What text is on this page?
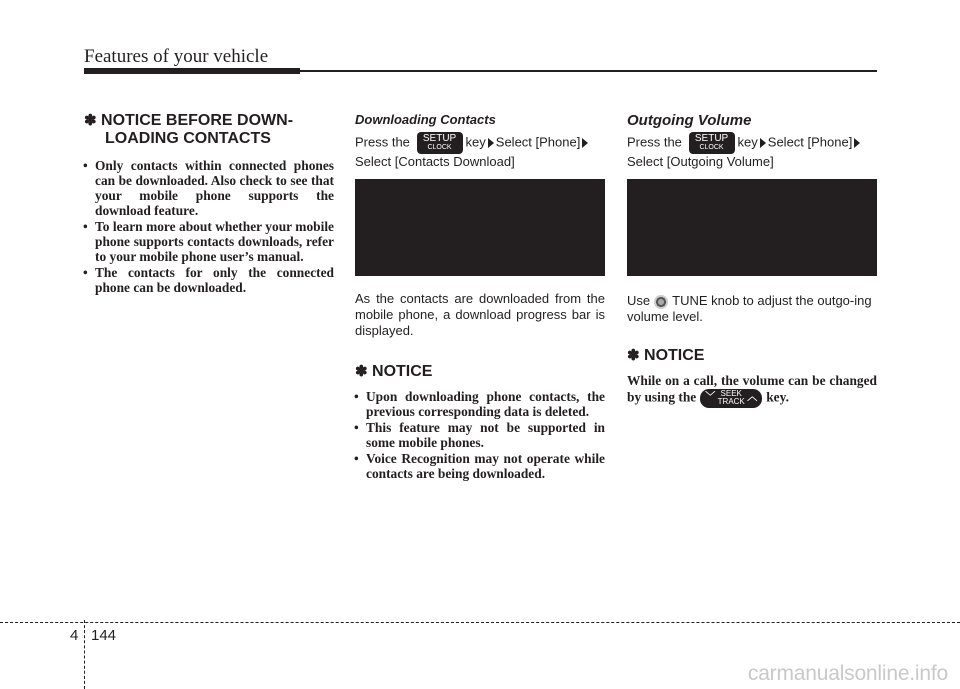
Features of your vehicle
✽ NOTICE BEFORE DOWN-
LOADING CONTACTS
• Only contacts within connected phones can be downloaded. Also check to see that your mobile phone supports the download feature.
• To learn more about whether your mobile phone supports contacts downloads, refer to your mobile phone user’s manual.
• The contacts for only the connected phone can be downloaded.

Downloading Contacts

Press the SETUP
CLOCK	key Select [Phone]
Select [Contacts Download]

As the contacts are downloaded from the mobile phone, a download progress bar is displayed.

✽ NOTICE
• Upon downloading phone contacts, the previous corresponding data is deleted.
• This feature may not be supported in some mobile phones.
• Voice Recognition may not operate while contacts are being downloaded.

Outgoing Volume

Press the SETUP
CLOCK	key Select [Phone]
Select [Outgoing Volume]

Use TUNE knob to adjust the outgo-ing volume level.

✽ NOTICE

While on a call, the volume can be changed by using the ﹀ SEEK
TRACK ︿ key.

4 144
carmanualsonline.info
